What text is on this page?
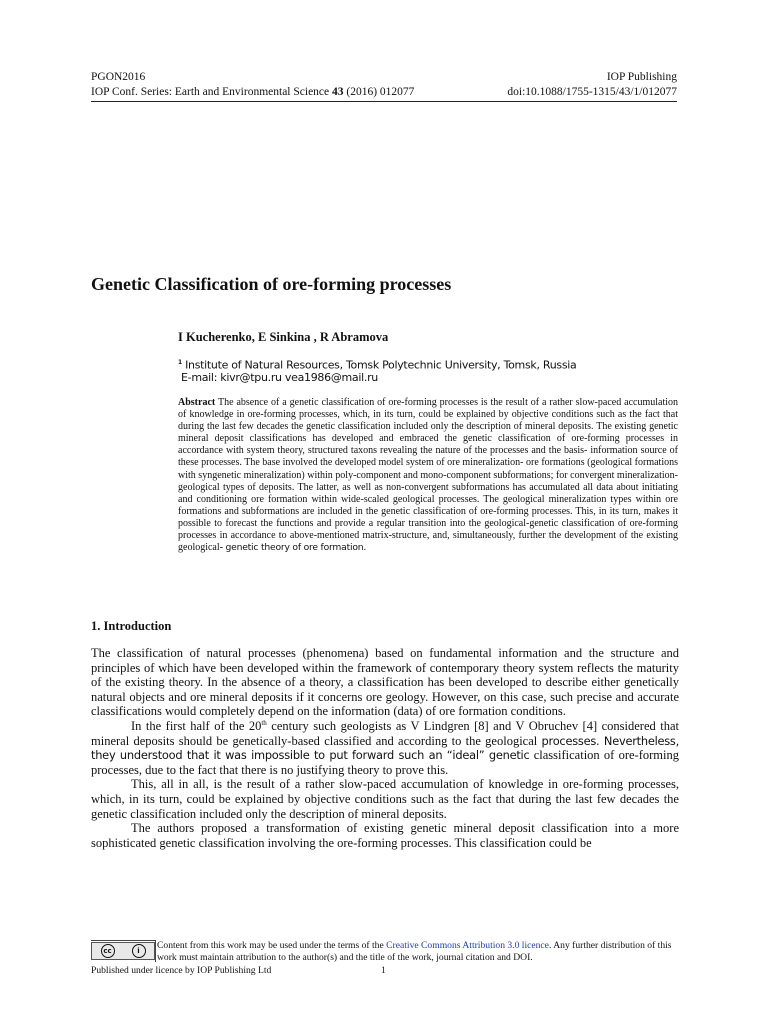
PGON2016	IOP Publishing
IOP Conf. Series: Earth and Environmental Science 43 (2016) 012077	doi:10.1088/1755-1315/43/1/012077
Genetic Classification of ore-forming processes
I Kucherenko, E Sinkina , R Abramova
$^1$ Institute of Natural Resources, Tomsk Polytechnic University, Tomsk, Russia
E-mail: kivr@tpu.ru vea1986@mail.ru
Abstract The absence of a genetic classification of ore-forming processes is the result of a rather slow-paced accumulation of knowledge in ore-forming processes, which, in its turn, could be explained by objective conditions such as the fact that during the last few decades the genetic classification included only the description of mineral deposits. The existing genetic mineral deposit classifications has developed and embraced the genetic classification of ore-forming processes in accordance with system theory, structured taxons revealing the nature of the processes and the basis- information source of these processes. The base involved the developed model system of ore mineralization- ore formations (geological formations with syngenetic mineralization) within poly-component and mono-component subformations; for convergent mineralization- geological types of deposits. The latter, as well as non-convergent subformations has accumulated all data about initiating and conditioning ore formation within wide-scaled geological processes. The geological mineralization types within ore formations and subformations are included in the genetic classification of ore-forming processes. This, in its turn, makes it possible to forecast the functions and provide a regular transition into the geological-genetic classification of ore-forming processes in accordance to above-mentioned matrix-structure, and, simultaneously, further the development of the existing geological- genetic theory of ore formation.
1. Introduction

The classification of natural processes (phenomena) based on fundamental information and the structure and principles of which have been developed within the framework of contemporary theory system reflects the maturity of the existing theory. In the absence of a theory, a classification has been developed to describe either genetically natural objects and ore mineral deposits if it concerns ore geology. However, on this case, such precise and accurate classifications would completely depend on the information (data) of ore formation conditions.

In the first half of the 20th century such geologists as V Lindgren [8] and V Obruchev [4] considered that mineral deposits should be genetically-based classified and according to the geological processes. Nevertheless, they understood that it was impossible to put forward such an “ideal” genetic classification of ore-forming processes, due to the fact that there is no justifying theory to prove this.

This, all in all, is the result of a rather slow-paced accumulation of knowledge in ore-forming processes, which, in its turn, could be explained by objective conditions such as the fact that during the last few decades the genetic classification included only the description of mineral deposits.

The authors proposed a transformation of existing genetic mineral deposit classification into a more sophisticated genetic classification involving the ore-forming processes. This classification could be

cc	i	Content from this work may be used under the terms of the Creative Commons Attribution 3.0 licence. Any further distribution of this work must maintain attribution to the author(s) and the title of the work, journal citation and DOI.
Published under licence by IOP Publishing Ltd	1
